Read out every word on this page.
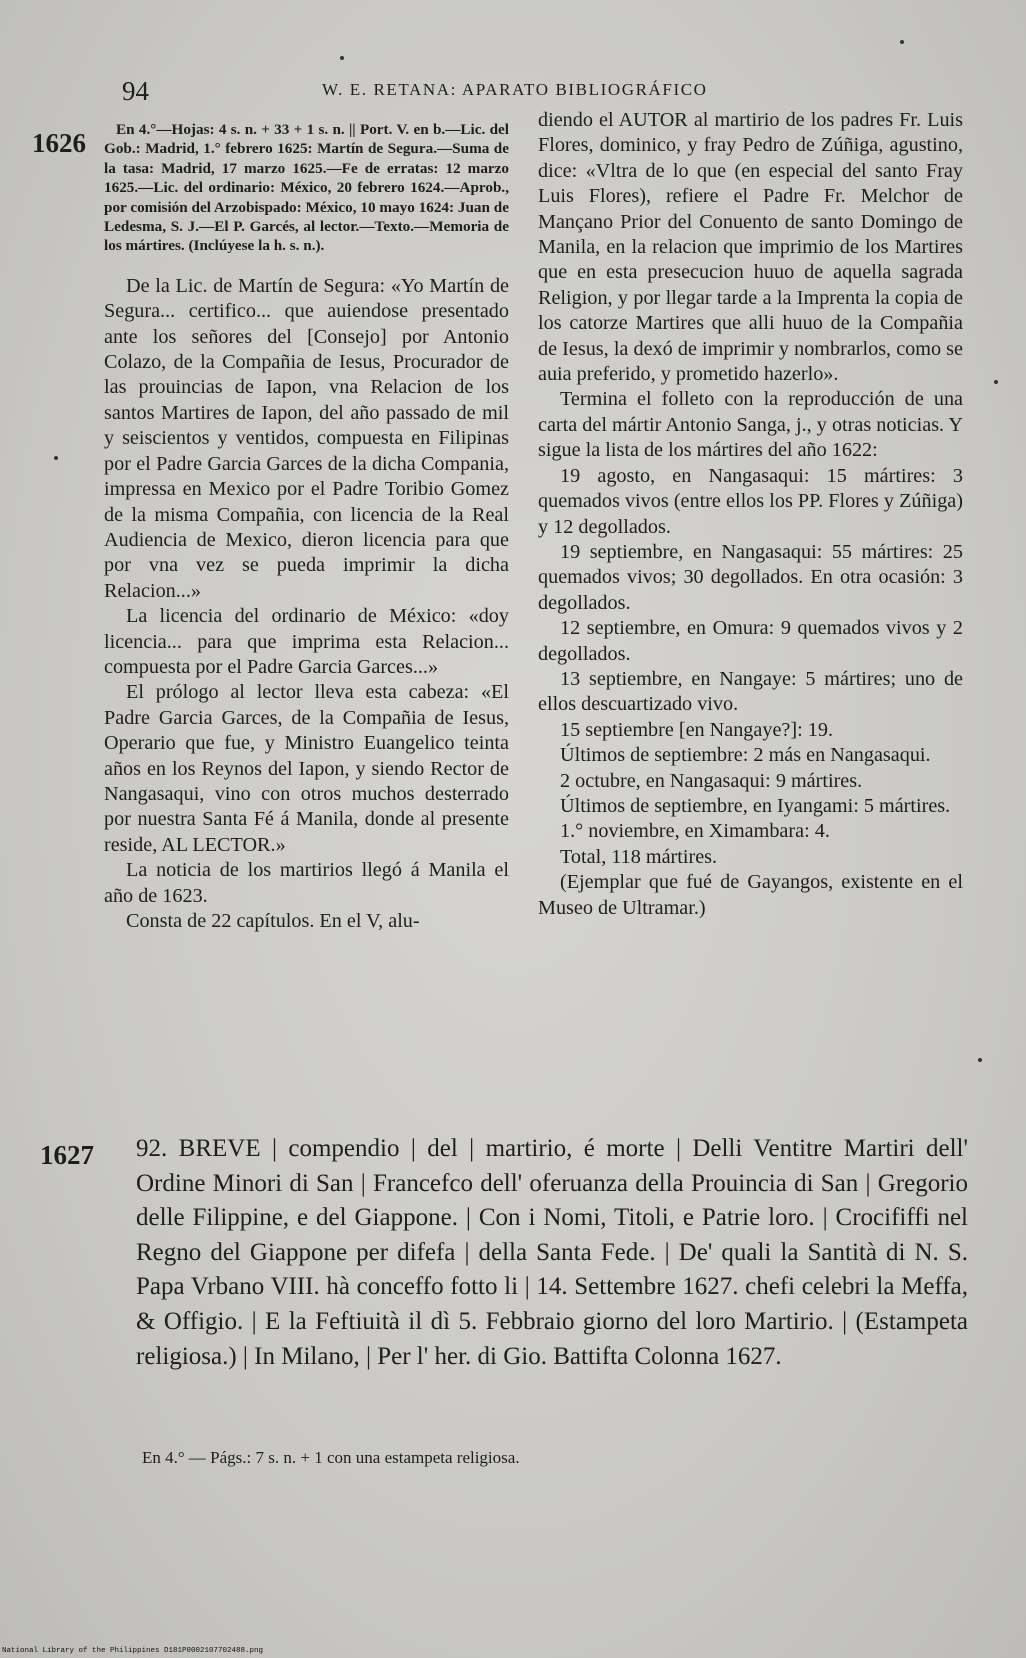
94	W. E. RETANA: APARATO BIBLIOGRÁFICO
1626
1627

En 4.°—Hojas: 4 s. n. + 33 + 1 s. n. || Port. V. en b.—Lic. del Gob.: Madrid, 1.° febrero 1625: Martín de Segura.—Suma de la tasa: Madrid, 17 marzo 1625.—Fe de erratas: 12 marzo 1625.—Lic. del ordinario: México, 20 febrero 1624.—Aprob., por comisión del Arzobispado: México, 10 mayo 1624: Juan de Ledesma, S. J.—El P. Garcés, al lector.—Texto.—Memoria de los mártires. (Inclúyese la h. s. n.).

De la Lic. de Martín de Segura: «Yo Martín de Segura... certifico... que auiendose presentado ante los señores del [Consejo] por Antonio Colazo, de la Compañia de Iesus, Procurador de las prouincias de Iapon, vna Relacion de los santos Martires de Iapon, del año passado de mil y seiscientos y ventidos, compuesta en Filipinas por el Padre Garcia Garces de la dicha Compania, impressa en Mexico por el Padre Toribio Gomez de la misma Compañia, con licencia de la Real Audiencia de Mexico, dieron licencia para que por vna vez se pueda imprimir la dicha Relacion...»

La licencia del ordinario de México: «doy licencia... para que imprima esta Relacion... compuesta por el Padre Garcia Garces...»

El prólogo al lector lleva esta cabeza: «El Padre Garcia Garces, de la Compañia de Iesus, Operario que fue, y Ministro Euangelico teinta años en los Reynos del Iapon, y siendo Rector de Nangasaqui, vino con otros muchos desterrado por nuestra Santa Fé á Manila, donde al presente reside, AL LECTOR.»

La noticia de los martirios llegó á Manila el año de 1623.

Consta de 22 capítulos. En el V, alu-

diendo el AUTOR al martirio de los padres Fr. Luis Flores, dominico, y fray Pedro de Zúñiga, agustino, dice: «Vltra de lo que (en especial del santo Fray Luis Flores), refiere el Padre Fr. Melchor de Mançano Prior del Conuento de santo Domingo de Manila, en la relacion que imprimio de los Martires que en esta presecucion huuo de aquella sagrada Religion, y por llegar tarde a la Imprenta la copia de los catorze Martires que alli huuo de la Compañia de Iesus, la dexó de imprimir y nombrarlos, como se auia preferido, y prometido hazerlo».

Termina el folleto con la reproducción de una carta del mártir Antonio Sanga, j., y otras noticias. Y sigue la lista de los mártires del año 1622:

19 agosto, en Nangasaqui: 15 mártires: 3 quemados vivos (entre ellos los PP. Flores y Zúñiga) y 12 degollados.

19 septiembre, en Nangasaqui: 55 mártires: 25 quemados vivos; 30 degollados. En otra ocasión: 3 degollados.

12 septiembre, en Omura: 9 quemados vivos y 2 degollados.

13 septiembre, en Nangaye: 5 mártires; uno de ellos descuartizado vivo.

15 septiembre [en Nangaye?]: 19.

Últimos de septiembre: 2 más en Nangasaqui.

2 octubre, en Nangasaqui: 9 mártires.

Últimos de septiembre, en Iyangami: 5 mártires.

1.° noviembre, en Ximambara: 4.

Total, 118 mártires.

(Ejemplar que fué de Gayangos, existente en el Museo de Ultramar.)

92. BREVE | compendio | del | martirio, é morte | Delli Ventitre Martiri dell' Ordine Minori di San | Francefco dell' oferuanza della Prouincia di San | Gregorio delle Filippine, e del Giappone. | Con i Nomi, Titoli, e Patrie loro. | Crocififfi nel Regno del Giappone per difefa | della Santa Fede. | De' quali la Santità di N. S. Papa Vrbano VIII. hà conceffo fotto li | 14. Settembre 1627. chefi celebri la Meffa, & Offigio. | E la Feftiuità il dì 5. Febbraio giorno del loro Martirio. | (Estampeta religiosa.) | In Milano, | Per l' her. di Gio. Battifta Colonna 1627.

En 4.° — Págs.: 7 s. n. + 1 con una estampeta religiosa.

National Library of the Philippines D181P0002107702488.png
